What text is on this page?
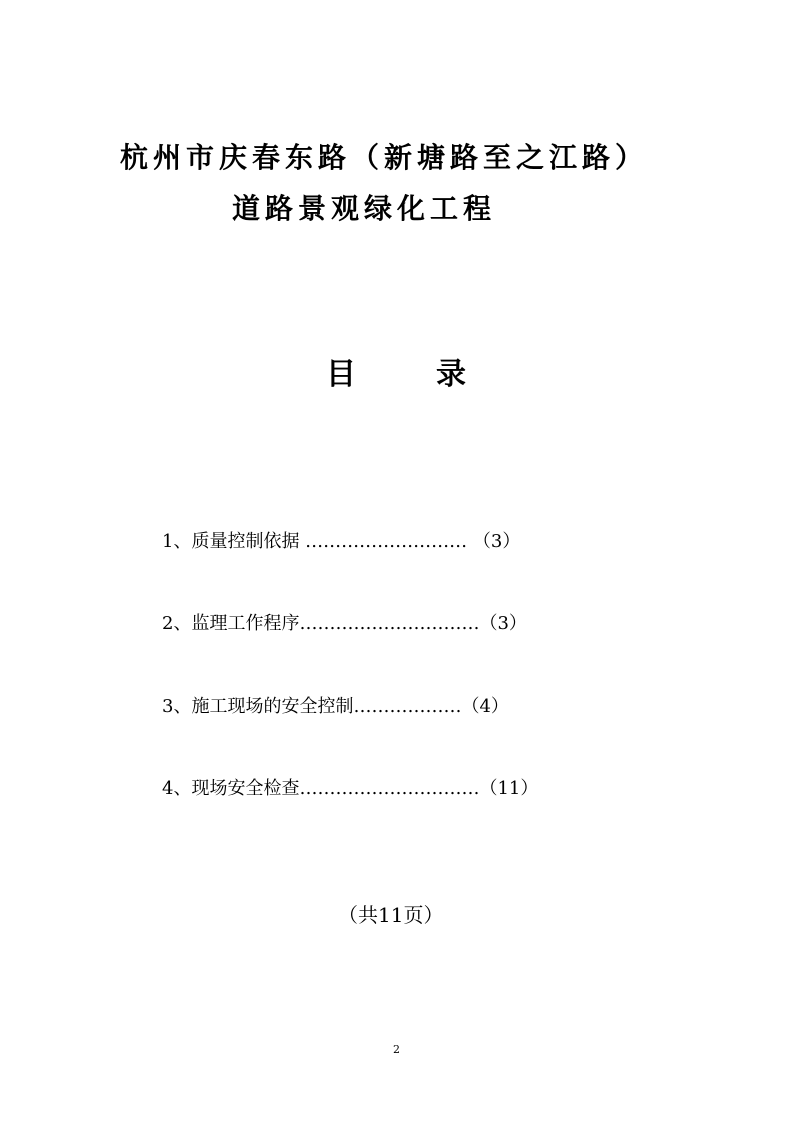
杭州市庆春东路（新塘路至之江路）
道路景观绿化工程
目	录
1、质量控制依据 ……………………… （3）
2、监理工作程序…………………………（3）
3、施工现场的安全控制………………（4）
4、现场安全检查…………………………（11）
（共11页）
2
